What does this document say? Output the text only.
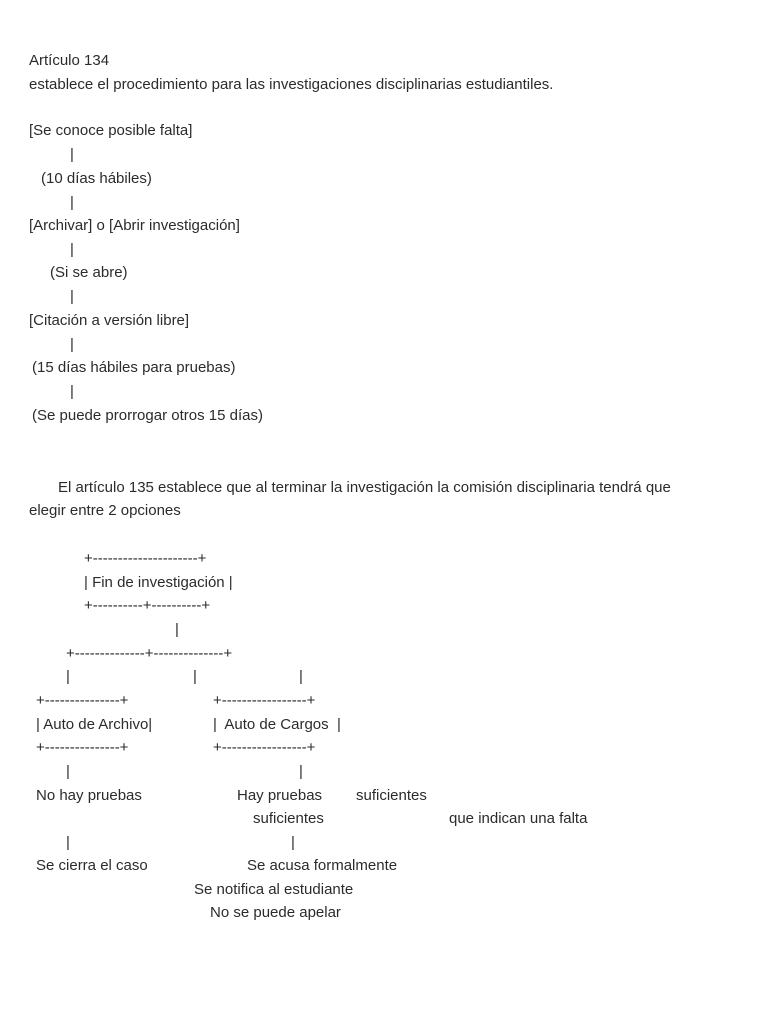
Artículo 134

establece el procedimiento para las investigaciones disciplinarias estudiantiles.

[Se conoce posible falta]

|

(10 días hábiles)

|

[Archivar] o [Abrir investigación]

|

(Si se abre)

|

[Citación a versión libre]

|

(15 días hábiles para pruebas)

|

(Se puede prorrogar otros 15 días)

El artículo 135 establece que al terminar la investigación la comisión disciplinaria tendrá que

elegir entre 2 opciones

+---------------------+

| Fin de investigación |

+----------+----------+

|

+--------------+--------------+

|	|	|

+---------------+	+-----------------+

| Auto de Archivo|	|  Auto de Cargos  |

+---------------+	+-----------------+

|	|

No hay pruebas	Hay pruebas suficientes

suficientes	que indican una falta

|	|

Se cierra el caso	Se acusa formalmente

Se notifica al estudiante

No se puede apelar
